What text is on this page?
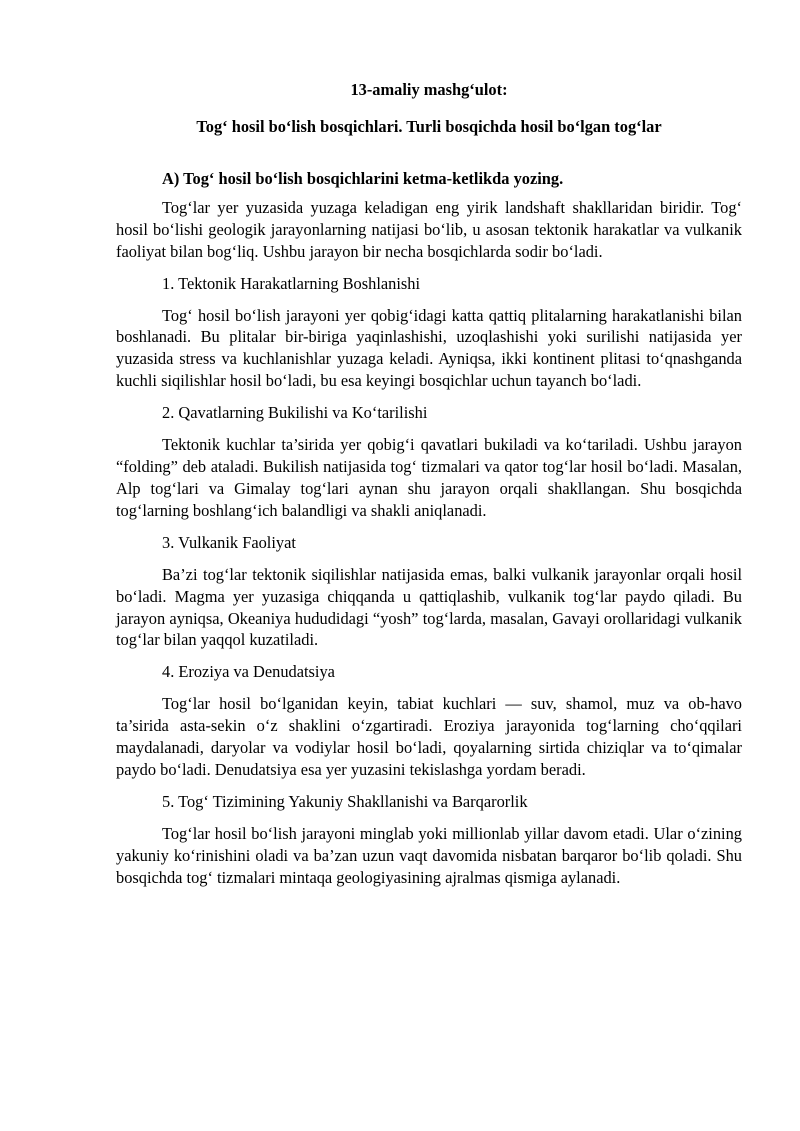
13-amaliy mashg‘ulot:

Tog‘ hosil bo‘lish bosqichlari. Turli bosqichda hosil bo‘lgan tog‘lar

A) Tog‘ hosil bo‘lish bosqichlarini ketma-ketlikda yozing.

Tog‘lar yer yuzasida yuzaga keladigan eng yirik landshaft shakllaridan biridir. Tog‘ hosil bo‘lishi geologik jarayonlarning natijasi bo‘lib, u asosan tektonik harakatlar va vulkanik faoliyat bilan bog‘liq. Ushbu jarayon bir necha bosqichlarda sodir bo‘ladi.

1. Tektonik Harakatlarning Boshlanishi

Tog‘ hosil bo‘lish jarayoni yer qobig‘idagi katta qattiq plitalarning harakatlanishi bilan boshlanadi. Bu plitalar bir-biriga yaqinlashishi, uzoqlashishi yoki surilishi natijasida yer yuzasida stress va kuchlanishlar yuzaga keladi. Ayniqsa, ikki kontinent plitasi to‘qnashganda kuchli siqilishlar hosil bo‘ladi, bu esa keyingi bosqichlar uchun tayanch bo‘ladi.

2. Qavatlarning Bukilishi va Ko‘tarilishi

Tektonik kuchlar ta’sirida yer qobig‘i qavatlari bukiladi va ko‘tariladi. Ushbu jarayon “folding” deb ataladi. Bukilish natijasida tog‘ tizmalari va qator tog‘lar hosil bo‘ladi. Masalan, Alp tog‘lari va Gimalay tog‘lari aynan shu jarayon orqali shakllangan. Shu bosqichda tog‘larning boshlang‘ich balandligi va shakli aniqlanadi.

3. Vulkanik Faoliyat

Ba’zi tog‘lar tektonik siqilishlar natijasida emas, balki vulkanik jarayonlar orqali hosil bo‘ladi. Magma yer yuzasiga chiqqanda u qattiqlashib, vulkanik tog‘lar paydo qiladi. Bu jarayon ayniqsa, Okeaniya hududidagi “yosh” tog‘larda, masalan, Gavayi orollaridagi vulkanik tog‘lar bilan yaqqol kuzatiladi.

4. Eroziya va Denudatsiya

Tog‘lar hosil bo‘lganidan keyin, tabiat kuchlari — suv, shamol, muz va ob-havo ta’sirida asta-sekin o‘z shaklini o‘zgartiradi. Eroziya jarayonida tog‘larning cho‘qqilari maydalanadi, daryolar va vodiylar hosil bo‘ladi, qoyalarning sirtida chiziqlar va to‘qimalar paydo bo‘ladi. Denudatsiya esa yer yuzasini tekislashga yordam beradi.

5. Tog‘ Tizimining Yakuniy Shakllanishi va Barqarorlik

Tog‘lar hosil bo‘lish jarayoni minglab yoki millionlab yillar davom etadi. Ular o‘zining yakuniy ko‘rinishini oladi va ba’zan uzun vaqt davomida nisbatan barqaror bo‘lib qoladi. Shu bosqichda tog‘ tizmalari mintaqa geologiyasining ajralmas qismiga aylanadi.
